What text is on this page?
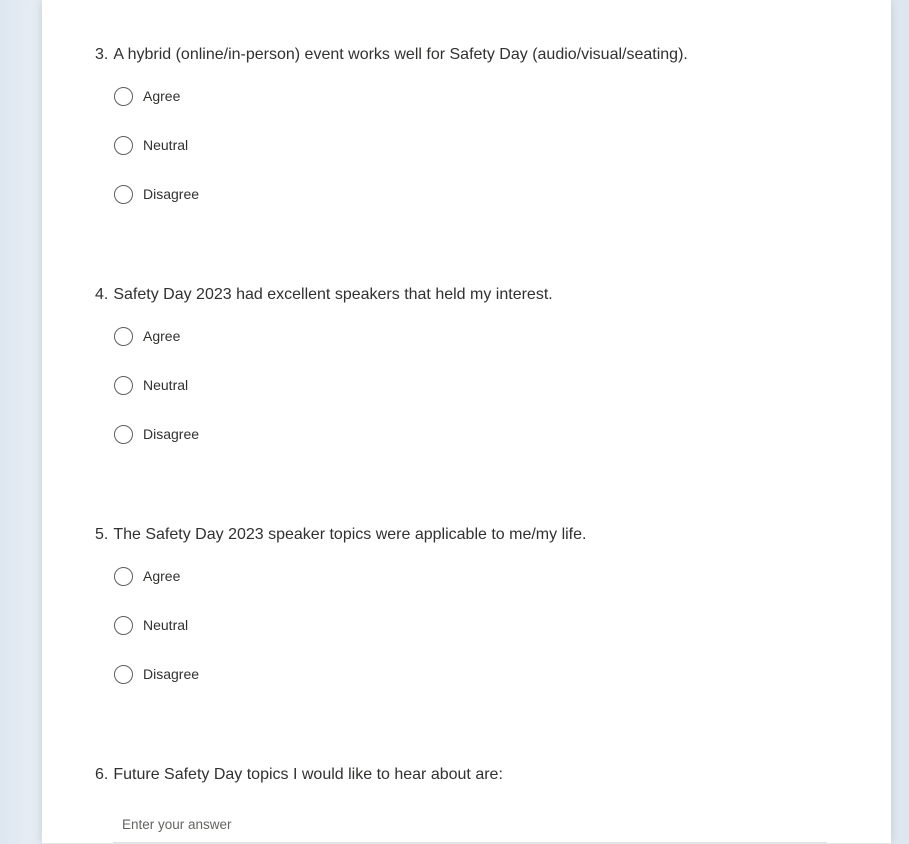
3. A hybrid (online/in-person) event works well for Safety Day (audio/visual/seating).
Agree
Neutral
Disagree
4. Safety Day 2023 had excellent speakers that held my interest.
Agree
Neutral
Disagree
5. The Safety Day 2023 speaker topics were applicable to me/my life.
Agree
Neutral
Disagree
6. Future Safety Day topics I would like to hear about are:
Enter your answer
